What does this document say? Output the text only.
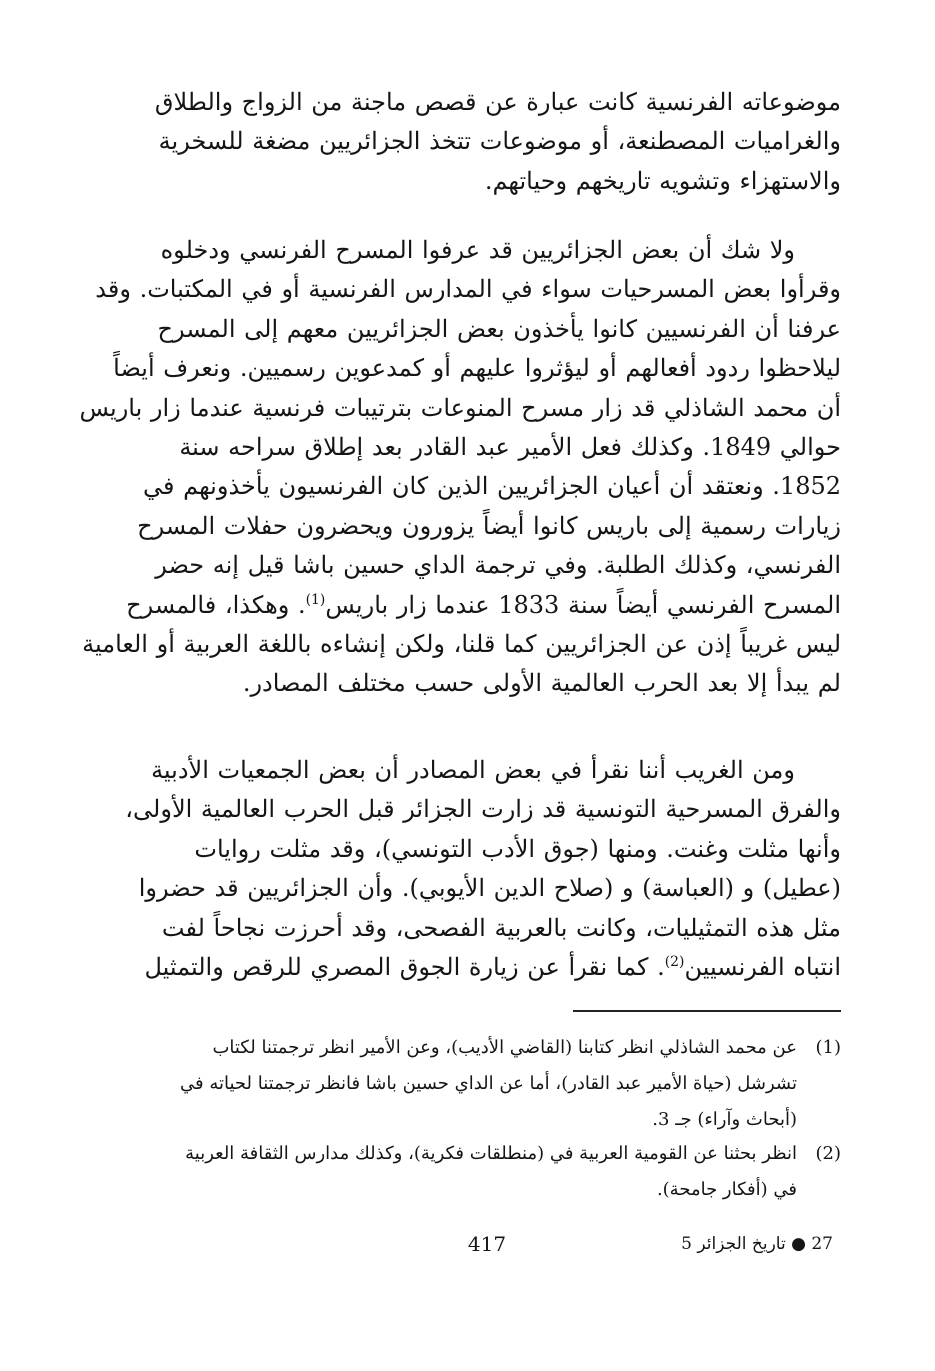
موضوعاته الفرنسية كانت عبارة عن قصص ماجنة من الزواج والطلاق
والغراميات المصطنعة، أو موضوعات تتخذ الجزائريين مضغة للسخرية
والاستهزاء وتشويه تاريخهم وحياتهم.

ولا شك أن بعض الجزائريين قد عرفوا المسرح الفرنسي ودخلوه
وقرأوا بعض المسرحيات سواء في المدارس الفرنسية أو في المكتبات. وقد
عرفنا أن الفرنسيين كانوا يأخذون بعض الجزائريين معهم إلى المسرح
ليلاحظوا ردود أفعالهم أو ليؤثروا عليهم أو كمدعوين رسميين. ونعرف أيضاً
أن محمد الشاذلي قد زار مسرح المنوعات بترتيبات فرنسية عندما زار باريس
حوالي 1849. وكذلك فعل الأمير عبد القادر بعد إطلاق سراحه سنة
1852. ونعتقد أن أعيان الجزائريين الذين كان الفرنسيون يأخذونهم في
زيارات رسمية إلى باريس كانوا أيضاً يزورون ويحضرون حفلات المسرح
الفرنسي، وكذلك الطلبة. وفي ترجمة الداي حسين باشا قيل إنه حضر
المسرح الفرنسي أيضاً سنة 1833 عندما زار باريس$^{(1)}$. وهكذا، فالمسرح
ليس غريباً إذن عن الجزائريين كما قلنا، ولكن إنشاءه باللغة العربية أو العامية
لم يبدأ إلا بعد الحرب العالمية الأولى حسب مختلف المصادر.

ومن الغريب أننا نقرأ في بعض المصادر أن بعض الجمعيات الأدبية
والفرق المسرحية التونسية قد زارت الجزائر قبل الحرب العالمية الأولى،
وأنها مثلت وغنت. ومنها (جوق الأدب التونسي)، وقد مثلت روايات
(عطيل) و (العباسة) و (صلاح الدين الأيوبي). وأن الجزائريين قد حضروا
مثل هذه التمثيليات، وكانت بالعربية الفصحى، وقد أحرزت نجاحاً لفت
انتباه الفرنسيين$^{(2)}$. كما نقرأ عن زيارة الجوق المصري للرقص والتمثيل

(1)
عن محمد الشاذلي انظر كتابنا (القاضي الأديب)، وعن الأمير انظر ترجمتنا لكتاب
تشرشل (حياة الأمير عبد القادر)، أما عن الداي حسين باشا فانظر ترجمتنا لحياته في
(أبحاث وآراء) جـ 3.
(2)
انظر بحثنا عن القومية العربية في (منطلقات فكرية)، وكذلك مدارس الثقافة العربية
في (أفكار جامحة).
417	27 ● تاريخ الجزائر 5
